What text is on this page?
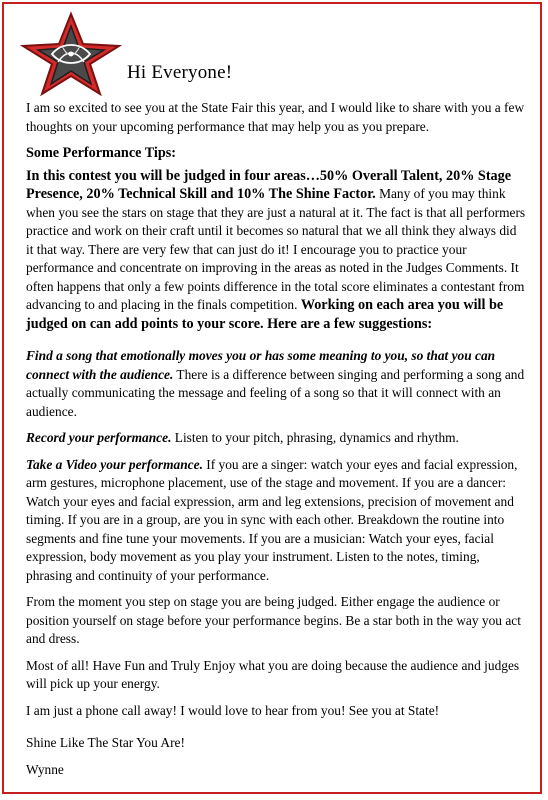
Hi Everyone!

I am so excited to see you at the State Fair this year, and I would like to share with you a few thoughts on your upcoming performance that may help you as you prepare.

Some Performance Tips:

In this contest you will be judged in four areas…50% Overall Talent, 20% Stage Presence, 20% Technical Skill and 10% The Shine Factor. Many of you may think when you see the stars on stage that they are just a natural at it. The fact is that all performers practice and work on their craft until it becomes so natural that we all think they always did it that way. There are very few that can just do it! I encourage you to practice your performance and concentrate on improving in the areas as noted in the Judges Comments. It often happens that only a few points difference in the total score eliminates a contestant from advancing to and placing in the finals competition. Working on each area you will be judged on can add points to your score. Here are a few suggestions:

Find a song that emotionally moves you or has some meaning to you, so that you can connect with the audience. There is a difference between singing and performing a song and actually communicating the message and feeling of a song so that it will connect with an audience.

Record your performance. Listen to your pitch, phrasing, dynamics and rhythm.

Take a Video your performance. If you are a singer: watch your eyes and facial expression, arm gestures, microphone placement, use of the stage and movement. If you are a dancer: Watch your eyes and facial expression, arm and leg extensions, precision of movement and timing. If you are in a group, are you in sync with each other. Breakdown the routine into segments and fine tune your movements. If you are a musician: Watch your eyes, facial expression, body movement as you play your instrument. Listen to the notes, timing, phrasing and continuity of your performance.

From the moment you step on stage you are being judged. Either engage the audience or position yourself on stage before your performance begins. Be a star both in the way you act and dress.

Most of all! Have Fun and Truly Enjoy what you are doing because the audience and judges will pick up your energy.

I am just a phone call away! I would love to hear from you! See you at State!

Shine Like The Star You Are!

Wynne
